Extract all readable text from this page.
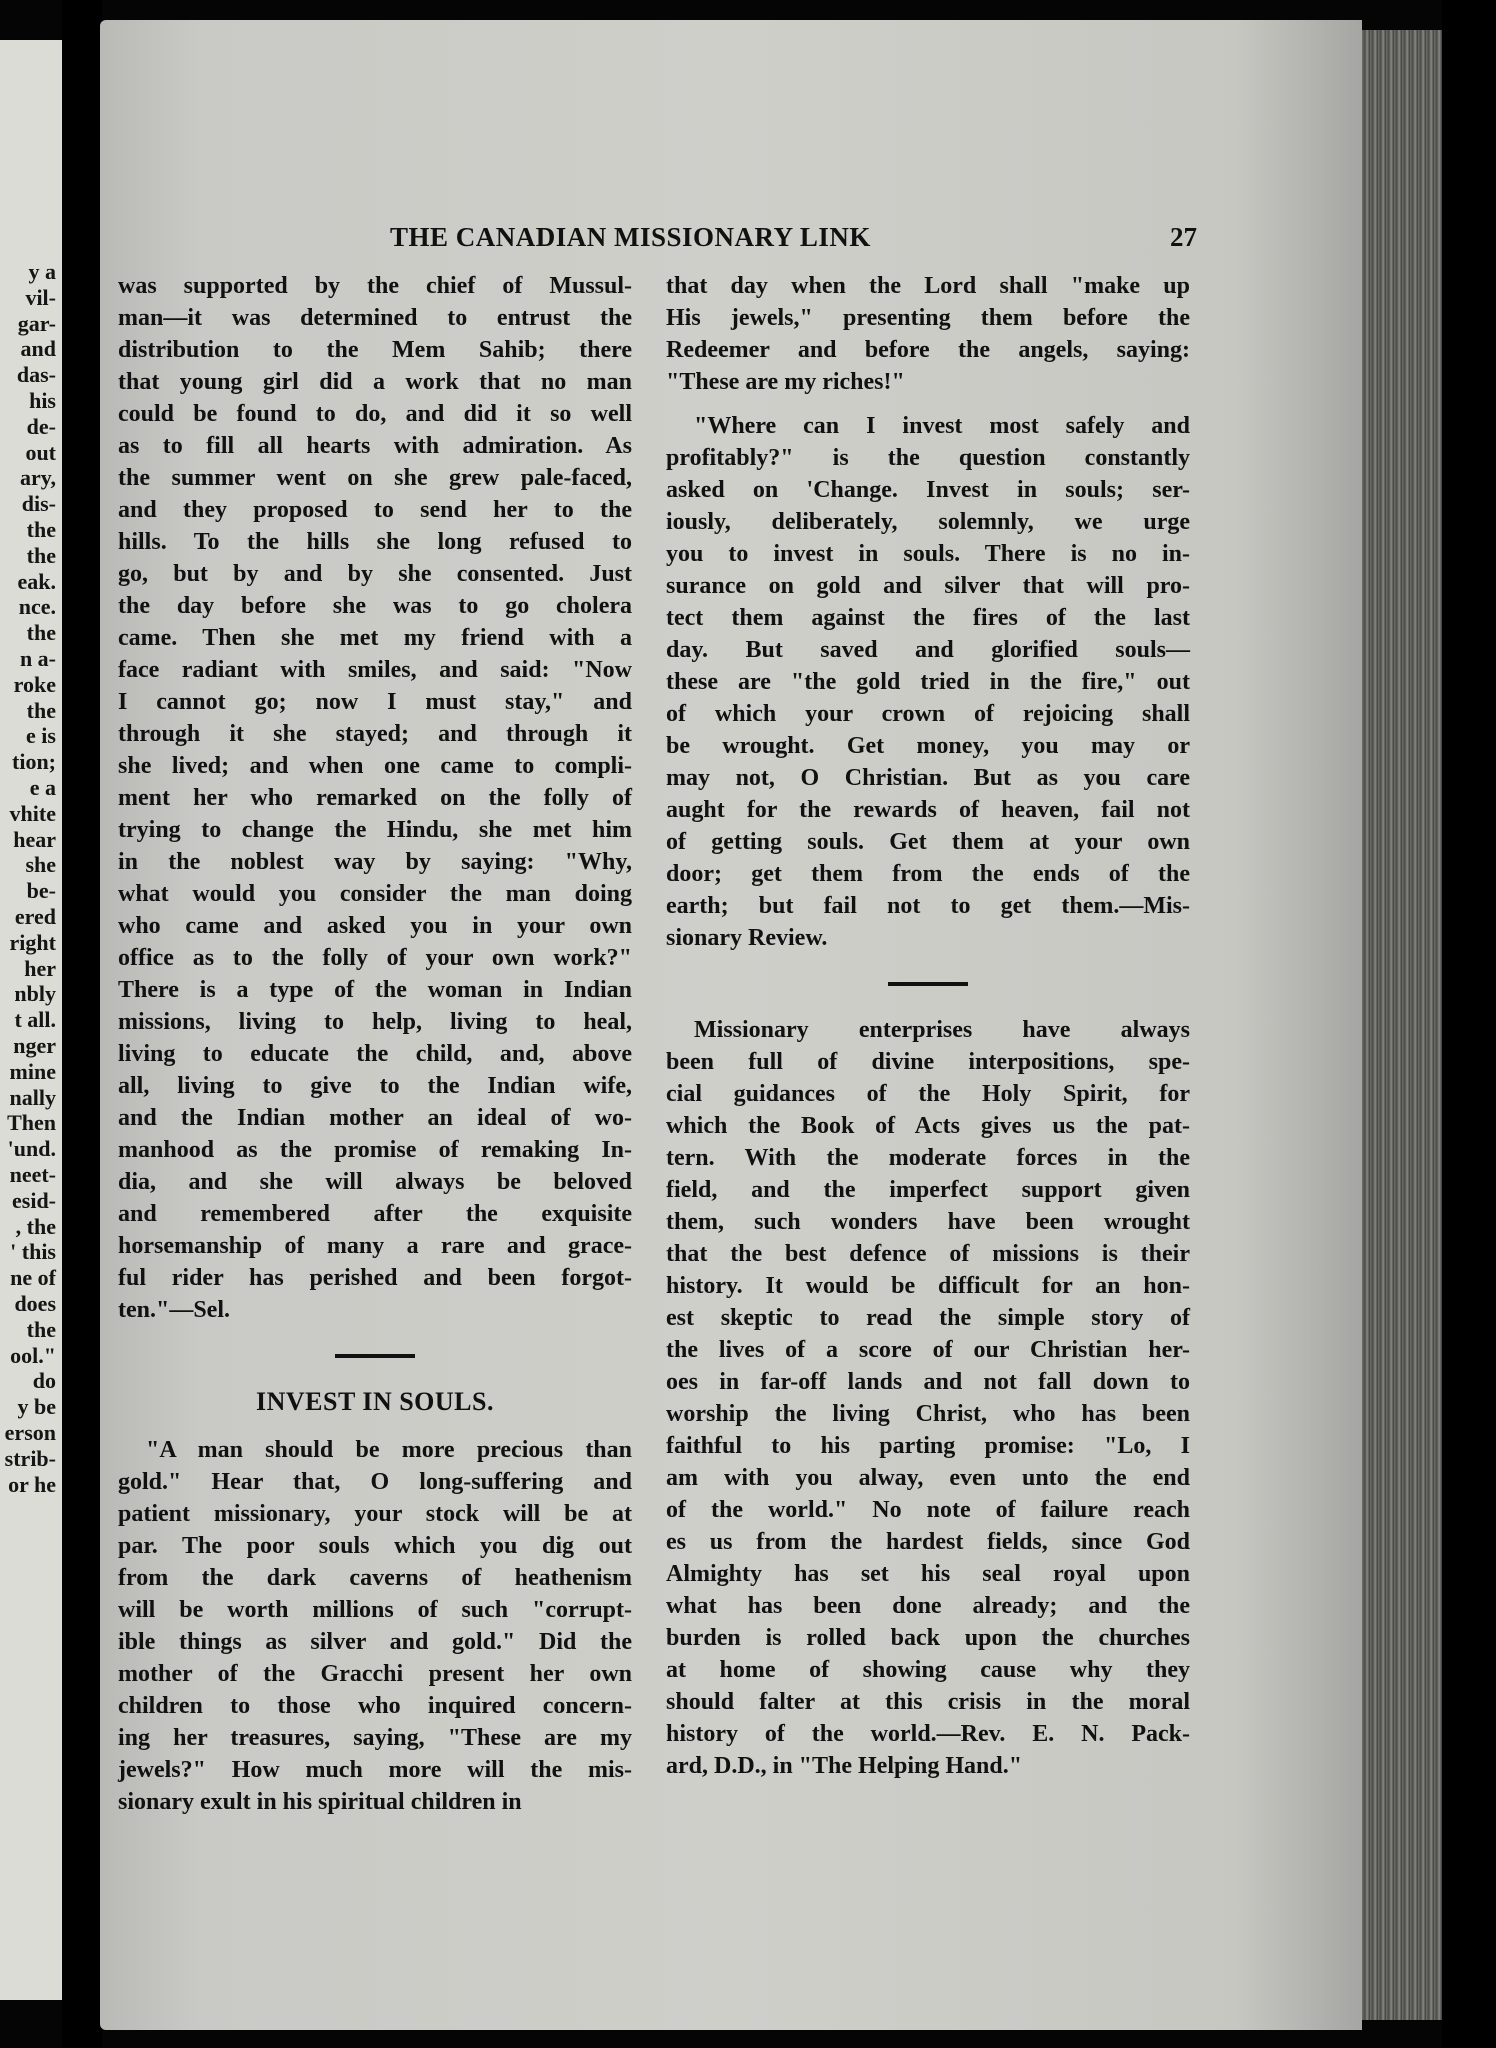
y a
vil-
gar-
and
das-
his
de-
out
ary,
dis-
the
the
eak.
nce.
the
n a-
roke
the
e is
tion;
e a
vhite
hear
she
be-
ered
right
her
nbly
t all.
nger
mine
nally
Then
'und.
neet-
esid-
, the
' this
ne of
does
the
ool."
do
y be
erson
strib-
or he
THE CANADIAN MISSIONARY LINK	27

was supported by the chief of Mussul-

man—it was determined to entrust the

distribution to the Mem Sahib; there

that young girl did a work that no man

could be found to do, and did it so well

as to fill all hearts with admiration. As

the summer went on she grew pale-faced,

and they proposed to send her to the

hills. To the hills she long refused to

go, but by and by she consented. Just

the day before she was to go cholera

came. Then she met my friend with a

face radiant with smiles, and said: "Now

I cannot go; now I must stay," and

through it she stayed; and through it

she lived; and when one came to compli-

ment her who remarked on the folly of

trying to change the Hindu, she met him

in the noblest way by saying: "Why,

what would you consider the man doing

who came and asked you in your own

office as to the folly of your own work?"

There is a type of the woman in Indian

missions, living to help, living to heal,

living to educate the child, and, above

all, living to give to the Indian wife,

and the Indian mother an ideal of wo-

manhood as the promise of remaking In-

dia, and she will always be beloved

and remembered after the exquisite

horsemanship of many a rare and grace-

ful rider has perished and been forgot-

ten."—Sel.

INVEST IN SOULS.

"A man should be more precious than

gold." Hear that, O long-suffering and

patient missionary, your stock will be at

par. The poor souls which you dig out

from the dark caverns of heathenism

will be worth millions of such "corrupt-

ible things as silver and gold." Did the

mother of the Gracchi present her own

children to those who inquired concern-

ing her treasures, saying, "These are my

jewels?" How much more will the mis-

sionary exult in his spiritual children in

that day when the Lord shall "make up

His jewels," presenting them before the

Redeemer and before the angels, saying:

"These are my riches!"

"Where can I invest most safely and

profitably?" is the question constantly

asked on 'Change. Invest in souls; ser-

iously, deliberately, solemnly, we urge

you to invest in souls. There is no in-

surance on gold and silver that will pro-

tect them against the fires of the last

day. But saved and glorified souls—

these are "the gold tried in the fire," out

of which your crown of rejoicing shall

be wrought. Get money, you may or

may not, O Christian. But as you care

aught for the rewards of heaven, fail not

of getting souls. Get them at your own

door; get them from the ends of the

earth; but fail not to get them.—Mis-

sionary Review.

Missionary enterprises have always

been full of divine interpositions, spe-

cial guidances of the Holy Spirit, for

which the Book of Acts gives us the pat-

tern. With the moderate forces in the

field, and the imperfect support given

them, such wonders have been wrought

that the best defence of missions is their

history. It would be difficult for an hon-

est skeptic to read the simple story of

the lives of a score of our Christian her-

oes in far-off lands and not fall down to

worship the living Christ, who has been

faithful to his parting promise: "Lo, I

am with you alway, even unto the end

of the world." No note of failure reach

es us from the hardest fields, since God

Almighty has set his seal royal upon

what has been done already; and the

burden is rolled back upon the churches

at home of showing cause why they

should falter at this crisis in the moral

history of the world.—Rev. E. N. Pack-

ard, D.D., in "The Helping Hand."
